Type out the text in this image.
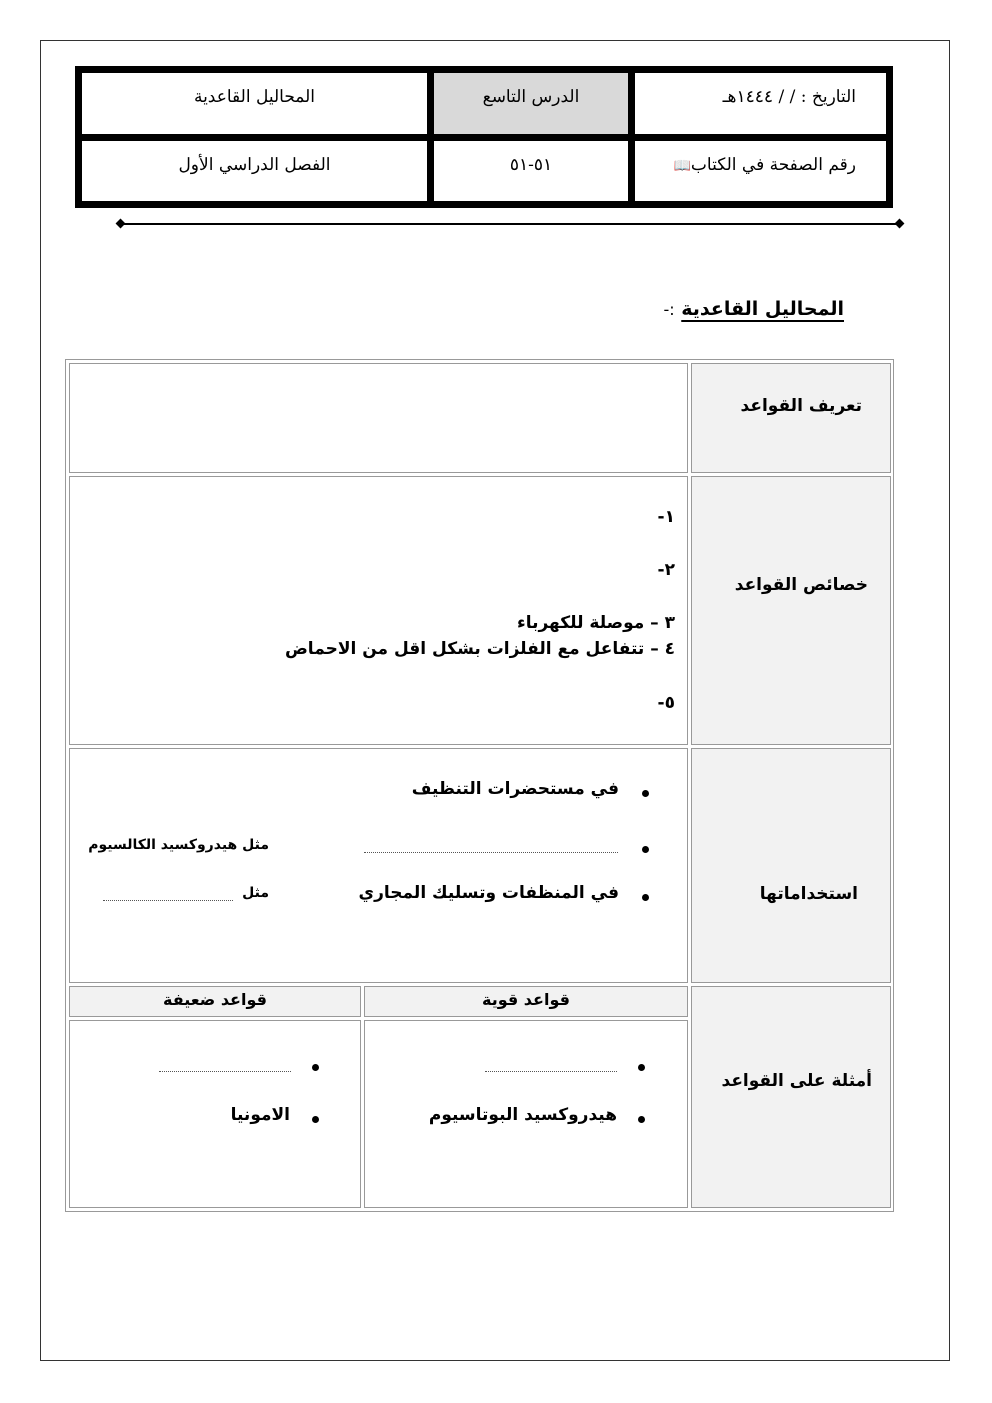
التاريخ : / / ١٤٤٤هـ
الدرس التاسع
المحاليل القاعدية
رقم الصفحة في الكتاب📖
٥١-٥١
الفصل الدراسي الأول
المحاليل القاعدية :-
تعريف القواعد
خصائص القواعد
١-
٢-
٣ – موصلة للكهرباء
٤ – تتفاعل مع الفلزات بشكل اقل من الاحماض
٥-
استخداماتها
في مستحضرات التنظيف
مثل هيدروكسيد الكالسيوم
في المنظفات وتسليك المجاري
مثل
أمثلة على القواعد
قواعد قوية
قواعد ضعيفة
هيدروكسيد البوتاسيوم
الامونيا
